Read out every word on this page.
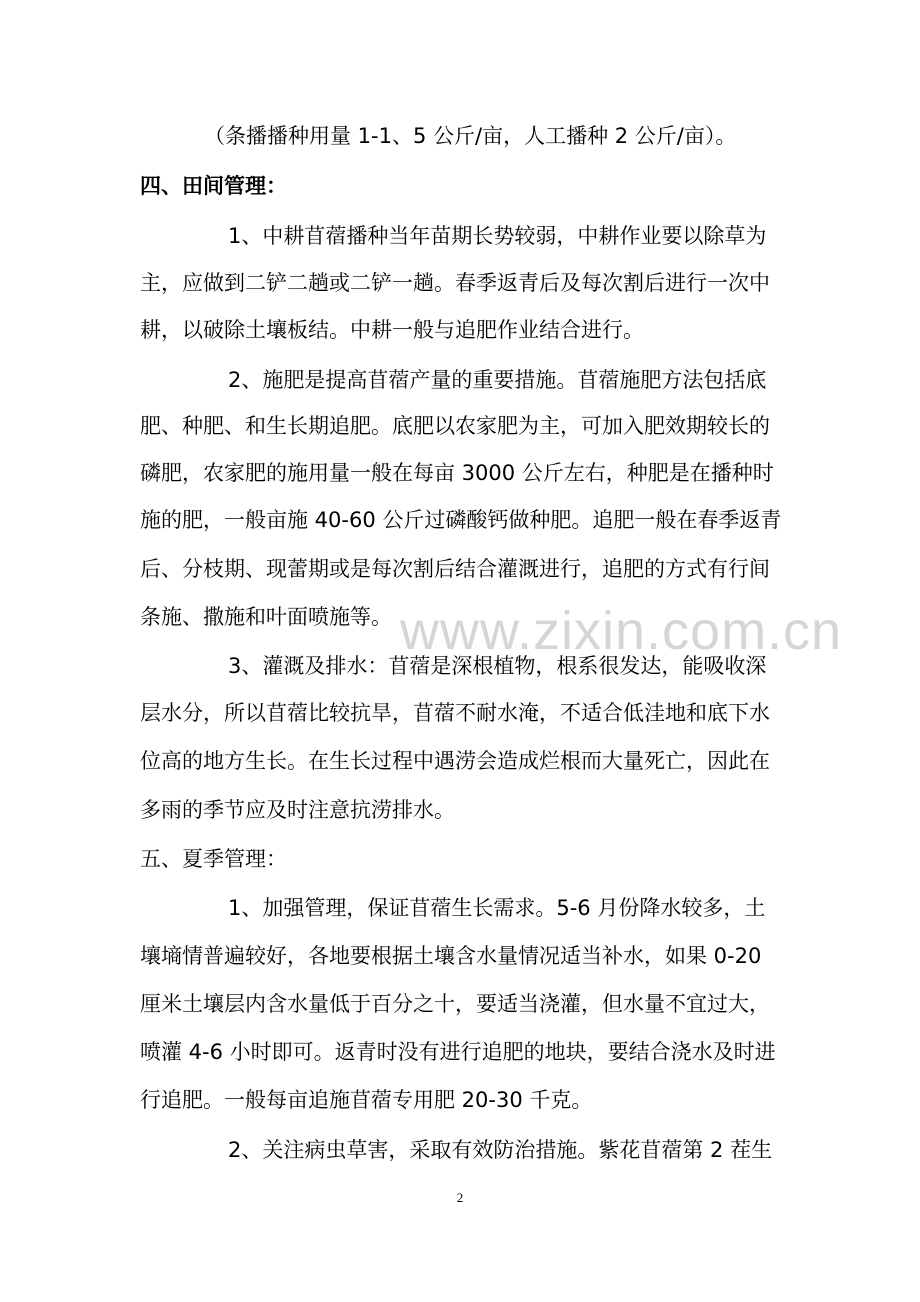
www.zixin.com.cn
（条播播种用量 1-1、5 公斤/亩，人工播种 2 公斤/亩）。
四、田间管理：
1、中耕苜蓿播种当年苗期长势较弱，中耕作业要以除草为
主，应做到二铲二趟或二铲一趟。春季返青后及每次割后进行一次中
耕，以破除土壤板结。中耕一般与追肥作业结合进行。
2、施肥是提高苜蓿产量的重要措施。苜蓿施肥方法包括底
肥、种肥、和生长期追肥。底肥以农家肥为主，可加入肥效期较长的
磷肥，农家肥的施用量一般在每亩 3000 公斤左右，种肥是在播种时
施的肥，一般亩施 40-60 公斤过磷酸钙做种肥。追肥一般在春季返青
后、分枝期、现蕾期或是每次割后结合灌溉进行，追肥的方式有行间
条施、撒施和叶面喷施等。
3、灌溉及排水：苜蓿是深根植物，根系很发达，能吸收深
层水分，所以苜蓿比较抗旱，苜蓿不耐水淹，不适合低洼地和底下水
位高的地方生长。在生长过程中遇涝会造成烂根而大量死亡，因此在
多雨的季节应及时注意抗涝排水。
五、夏季管理：
1、加强管理，保证苜蓿生长需求。5-6 月份降水较多，土
壤墒情普遍较好，各地要根据土壤含水量情况适当补水，如果 0-20
厘米土壤层内含水量低于百分之十，要适当浇灌，但水量不宜过大，
喷灌 4-6 小时即可。返青时没有进行追肥的地块，要结合浇水及时进
行追肥。一般每亩追施苜蓿专用肥 20-30 千克。
2、关注病虫草害，采取有效防治措施。紫花苜蓿第 2 茬生
2
